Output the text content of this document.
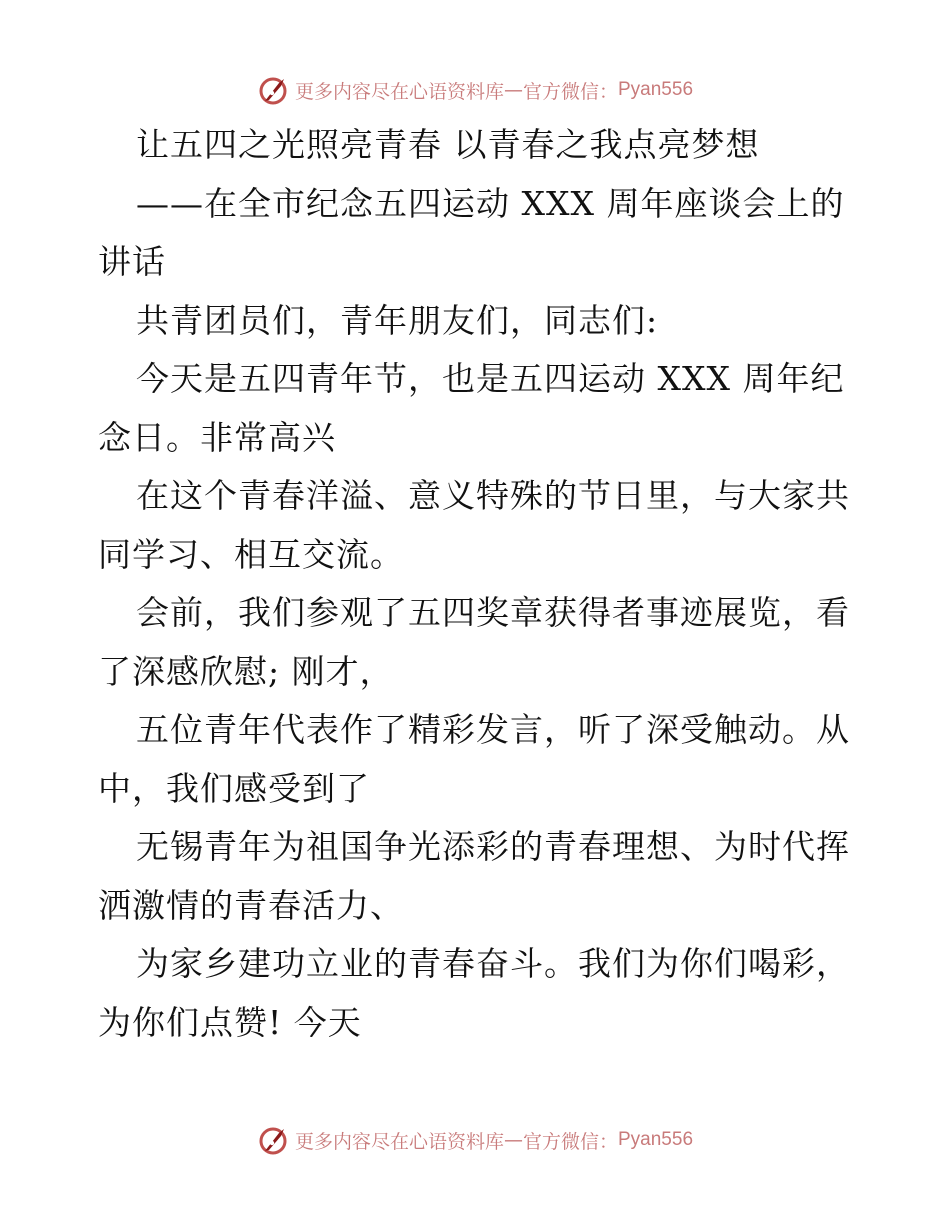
更多内容尽在心语资料库 — 官方微信： Pyan556

让五四之光照亮青春 以青春之我点亮梦想

——在全市纪念五四运动 XXX 周年座谈会上的讲话

共青团员们，青年朋友们，同志们:

今天是五四青年节，也是五四运动 XXX 周年纪念日。非常高兴

在这个青春洋溢、意义特殊的节日里，与大家共同学习、相互交流。

会前，我们参观了五四奖章获得者事迹展览，看了深感欣慰; 刚才，

五位青年代表作了精彩发言，听了深受触动。从中，我们感受到了

无锡青年为祖国争光添彩的青春理想、为时代挥洒激情的青春活力、

为家乡建功立业的青春奋斗。我们为你们喝彩，为你们点赞! 今天

更多内容尽在心语资料库 — 官方微信： Pyan556
